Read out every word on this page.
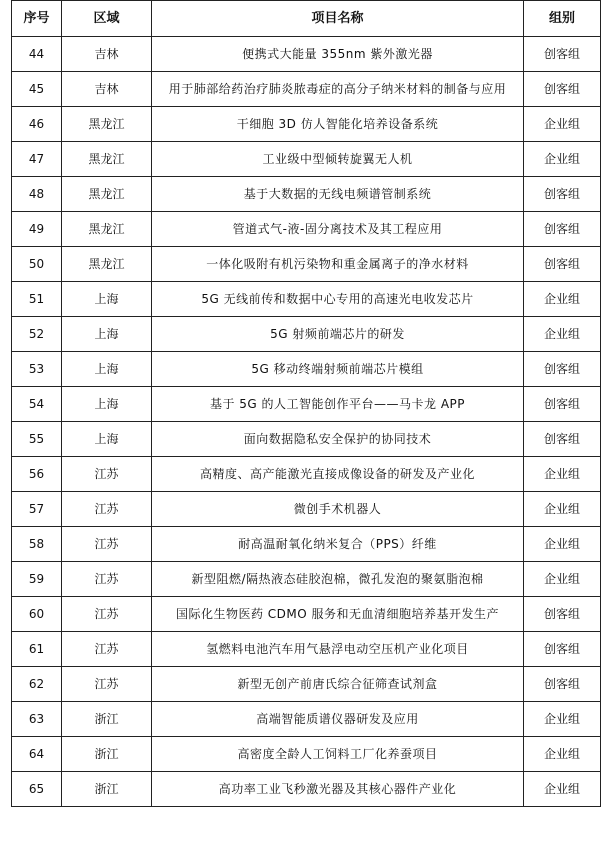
序号	区域	项目名称	组别
44	吉林	便携式大能量 355nm 紫外激光器	创客组
45	吉林	用于肺部给药治疗肺炎脓毒症的高分子纳米材料的制备与应用	创客组
46	黑龙江	干细胞 3D 仿人智能化培养设备系统	企业组
47	黑龙江	工业级中型倾转旋翼无人机	企业组
48	黑龙江	基于大数据的无线电频谱管制系统	创客组
49	黑龙江	管道式气-液-固分离技术及其工程应用	创客组
50	黑龙江	一体化吸附有机污染物和重金属离子的净水材料	创客组
51	上海	5G 无线前传和数据中心专用的高速光电收发芯片	企业组
52	上海	5G 射频前端芯片的研发	企业组
53	上海	5G 移动终端射频前端芯片模组	创客组
54	上海	基于 5G 的人工智能创作平台——马卡龙 APP	创客组
55	上海	面向数据隐私安全保护的协同技术	创客组
56	江苏	高精度、高产能激光直接成像设备的研发及产业化	企业组
57	江苏	微创手术机器人	企业组
58	江苏	耐高温耐氧化纳米复合（PPS）纤维	企业组
59	江苏	新型阻燃/隔热液态硅胶泡棉，微孔发泡的聚氨脂泡棉	企业组
60	江苏	国际化生物医药 CDMO 服务和无血清细胞培养基开发生产	创客组
61	江苏	氢燃料电池汽车用气悬浮电动空压机产业化项目	创客组
62	江苏	新型无创产前唐氏综合征筛查试剂盒	创客组
63	浙江	高端智能质谱仪器研发及应用	企业组
64	浙江	高密度全龄人工饲料工厂化养蚕项目	企业组
65	浙江	高功率工业飞秒激光器及其核心器件产业化	企业组
